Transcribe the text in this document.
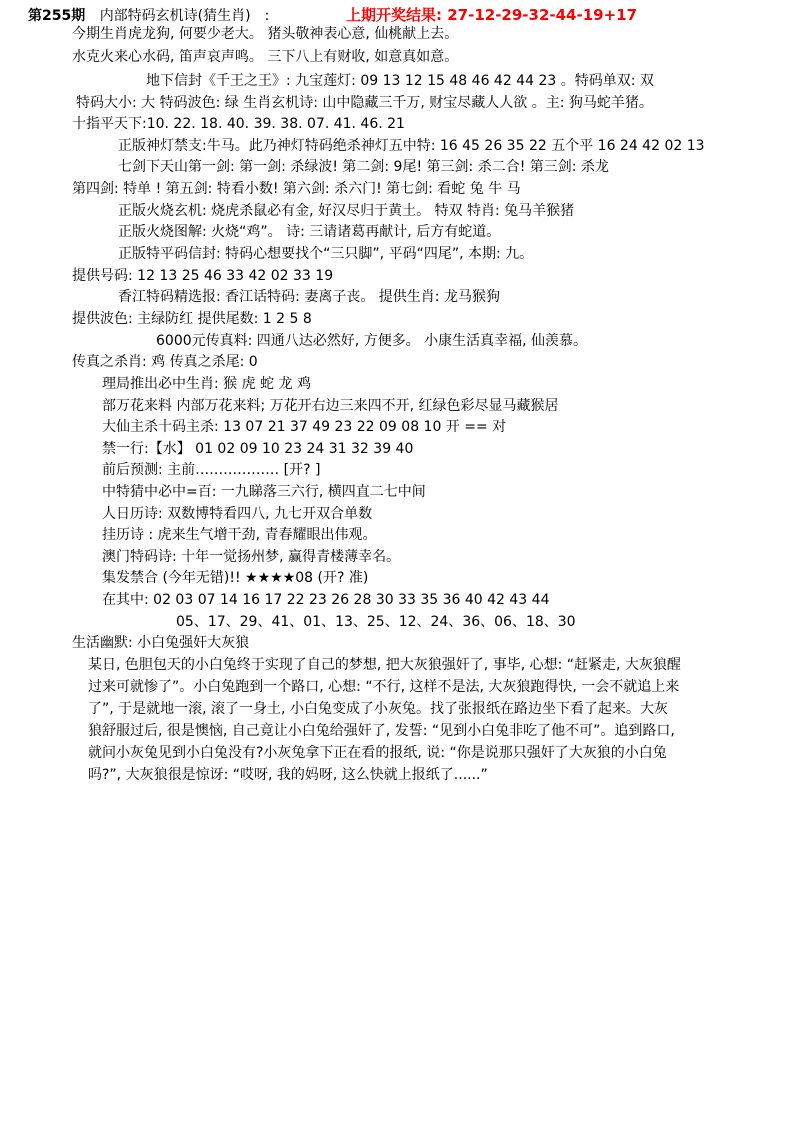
第255期 内部特码玄机诗(猜生肖)　:	上期开奖结果: 27-12-29-32-44-19+17
今期生肖虎龙狗, 何要少老大。 猪头敬神表心意, 仙桃献上去。
水克火来心水码, 笛声哀声鸣。 三下八上有财收, 如意真如意。
地下信封《千王之王》: 九宝莲灯: 09 13 12 15 48 46 42 44 23 。特码单双: 双
特码大小: 大 特码波色: 绿 生肖玄机诗: 山中隐藏三千万, 财宝尽藏人人欲 。主: 狗马蛇羊猪。
十指平天下:10. 22. 18. 40. 39. 38. 07. 41. 46. 21
正版神灯禁支:牛马。此乃神灯特码绝杀神灯五中特: 16 45 26 35 22 五个平 16 24 42 02 13
七剑下天山第一剑: 第一剑: 杀绿波! 第二剑: 9尾! 第三剑: 杀二合! 第三剑: 杀龙
第四剑: 特单 ! 第五剑: 特看小数! 第六剑: 杀六门! 第七剑: 看蛇 兔 牛 马
正版火烧玄机: 烧虎杀鼠必有金, 好汉尽归于黄土。 特双 特肖: 兔马羊猴猪
正版火烧图解: 火烧“鸡”。 诗: 三请诸葛再献计, 后方有蛇道。
正版特平码信封: 特码心想要找个“三只脚”, 平码“四尾”, 本期: 九。
提供号码: 12 13 25 46 33 42 02 33 19
香江特码精选报: 香江话特码: 妻离子丧。 提供生肖: 龙马猴狗
提供波色: 主绿防红 提供尾数: 1 2 5 8
6000元传真料: 四通八达必然好, 方便多。 小康生活真幸福, 仙羡慕。
传真之杀肖: 鸡 传真之杀尾: 0
理局推出必中生肖: 猴 虎 蛇 龙 鸡
部万花来料 内部万花来料; 万花开右边三来四不开, 红绿色彩尽显马藏猴居
大仙主杀十码主杀: 13 07 21 37 49 23 22 09 08 10 开 == 对
禁一行:【水】 01 02 09 10 23 24 31 32 39 40
前后预测: 主前……………… [开? ]
中特猜中必中=百: 一九睇落三六行, 横四直二七中间
人日历诗: 双数博特看四八, 九七开双合单数
挂历诗 : 虎来生气增干劲, 青春耀眼出伟观。
澳门特码诗: 十年一觉扬州梦, 赢得青楼薄幸名。
集发禁合 (今年无错)!! ★★★★08 (开? 准)
在其中: 02 03 07 14 16 17 22 23 26 28 30 33 35 36 40 42 43 44
05、17、29、41、01、13、25、12、24、36、06、18、30
生活幽默: 小白兔强奸大灰狼
某日, 色胆包天的小白兔终于实现了自己的梦想, 把大灰狼强奸了, 事毕, 心想: “赶紧走, 大灰狼醒
过来可就惨了”。小白兔跑到一个路口, 心想: “不行, 这样不是法, 大灰狼跑得快, 一会不就追上来
了”, 于是就地一滚, 滚了一身土, 小白兔变成了小灰兔。找了张报纸在路边坐下看了起来。大灰
狼舒服过后, 很是懊恼, 自己竟让小白兔给强奸了, 发誓: “见到小白兔非吃了他不可”。追到路口,
就问小灰兔见到小白兔没有?小灰兔拿下正在看的报纸, 说: “你是说那只强奸了大灰狼的小白兔
吗?”, 大灰狼很是惊讶: “哎呀, 我的妈呀, 这么快就上报纸了......”
